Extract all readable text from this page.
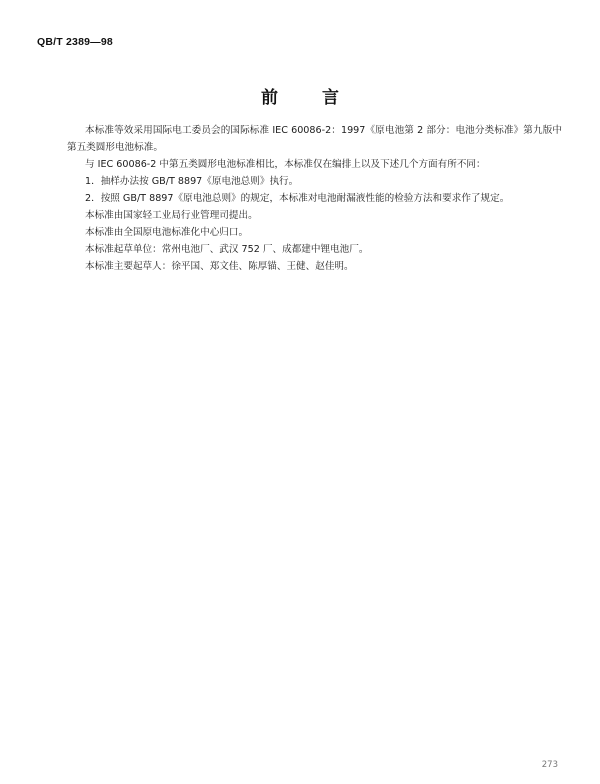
QB/T 2389—98
前	言

本标准等效采用国际电工委员会的国际标准 IEC 60086-2：1997《原电池第 2 部分：电池分类标准》第九版中第五类圆形电池标准。

与 IEC 60086-2 中第五类圆形电池标准相比，本标准仅在编排上以及下述几个方面有所不同：

1．抽样办法按 GB/T 8897《原电池总则》执行。

2．按照 GB/T 8897《原电池总则》的规定，本标准对电池耐漏液性能的检验方法和要求作了规定。

本标准由国家轻工业局行业管理司提出。

本标准由全国原电池标准化中心归口。

本标准起草单位：常州电池厂、武汉 752 厂、成都建中锂电池厂。

本标准主要起草人：徐平国、郑文佳、陈厚锚、王健、赵佳明。

273
